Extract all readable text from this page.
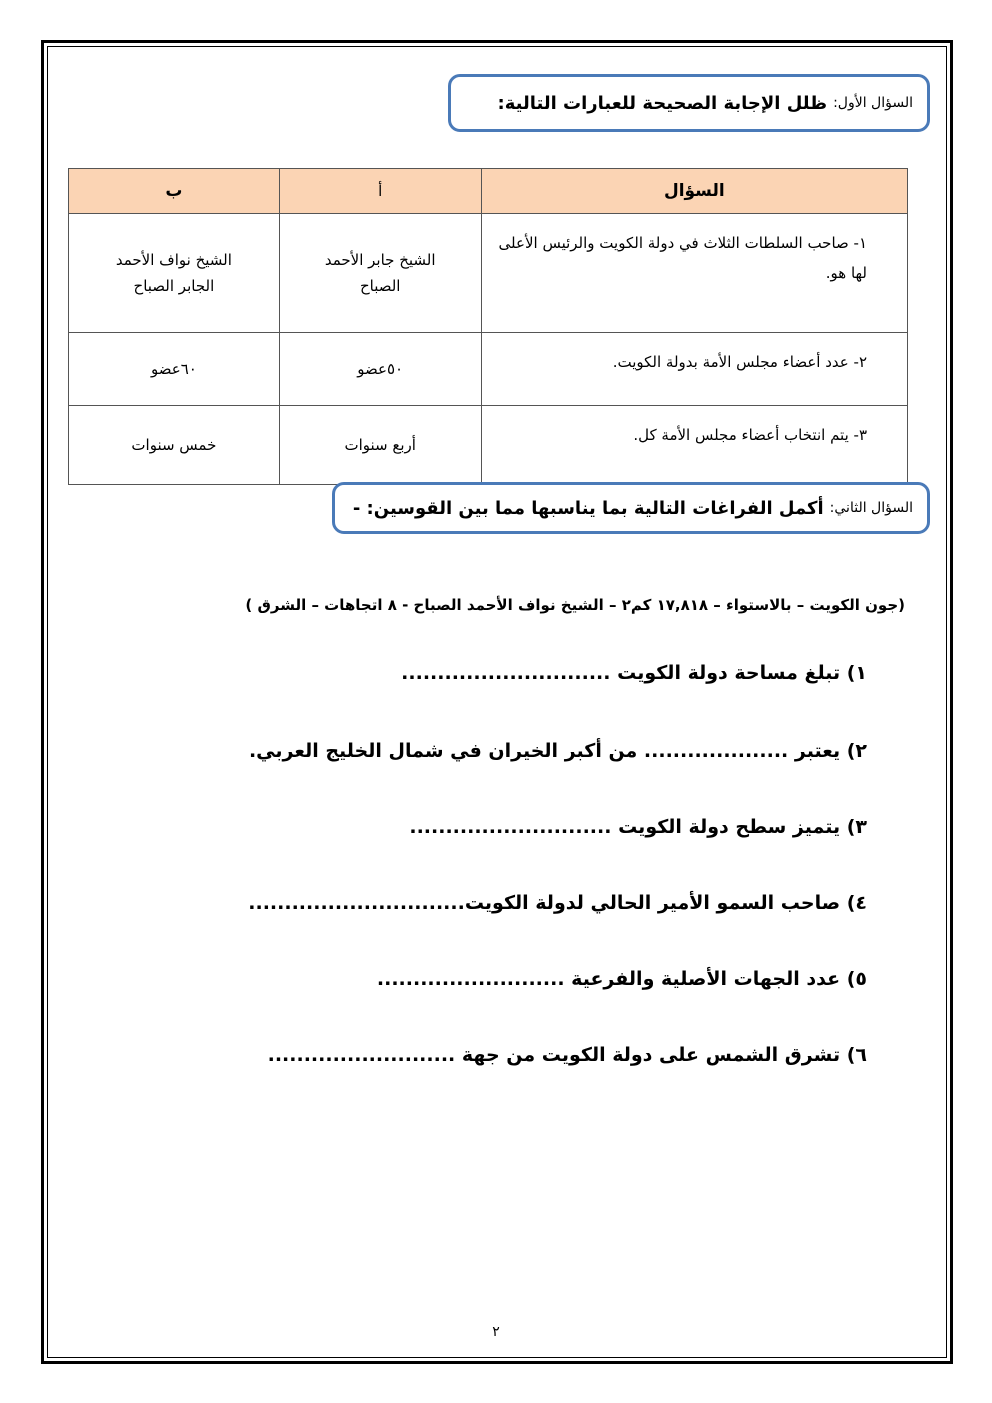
السؤال الأول:
ظلل الإجابة الصحيحة للعبارات التالية:
السؤال	أ	ب
١- صاحب السلطات الثلاث في دولة الكويت والرئيس الأعلى لها هو.	الشيخ جابر الأحمد الصباح	الشيخ نواف الأحمد الجابر الصباح

٢- عدد أعضاء مجلس الأمة بدولة الكويت.	٥٠عضو	٦٠عضو

٣- يتم انتخاب أعضاء مجلس الأمة كل.	أربع سنوات	خمس سنوات
السؤال الثاني:
أكمل الفراغات التالية بما يناسبها مما بين القوسين: -
(جون الكويت – بالاستواء – ١٧,٨١٨ كم٢ – الشيخ نواف الأحمد الصباح - ٨ اتجاهات – الشرق )
١) تبلغ مساحة دولة الكويت .............................
٢) يعتبر .................... من أكبر الخيران في شمال الخليج العربي.
٣) يتميز سطح دولة الكويت ............................
٤) صاحب السمو الأمير الحالي لدولة الكويت..............................
٥) عدد الجهات الأصلية والفرعية ..........................
٦) تشرق الشمس على دولة الكويت من جهة ..........................
٢
